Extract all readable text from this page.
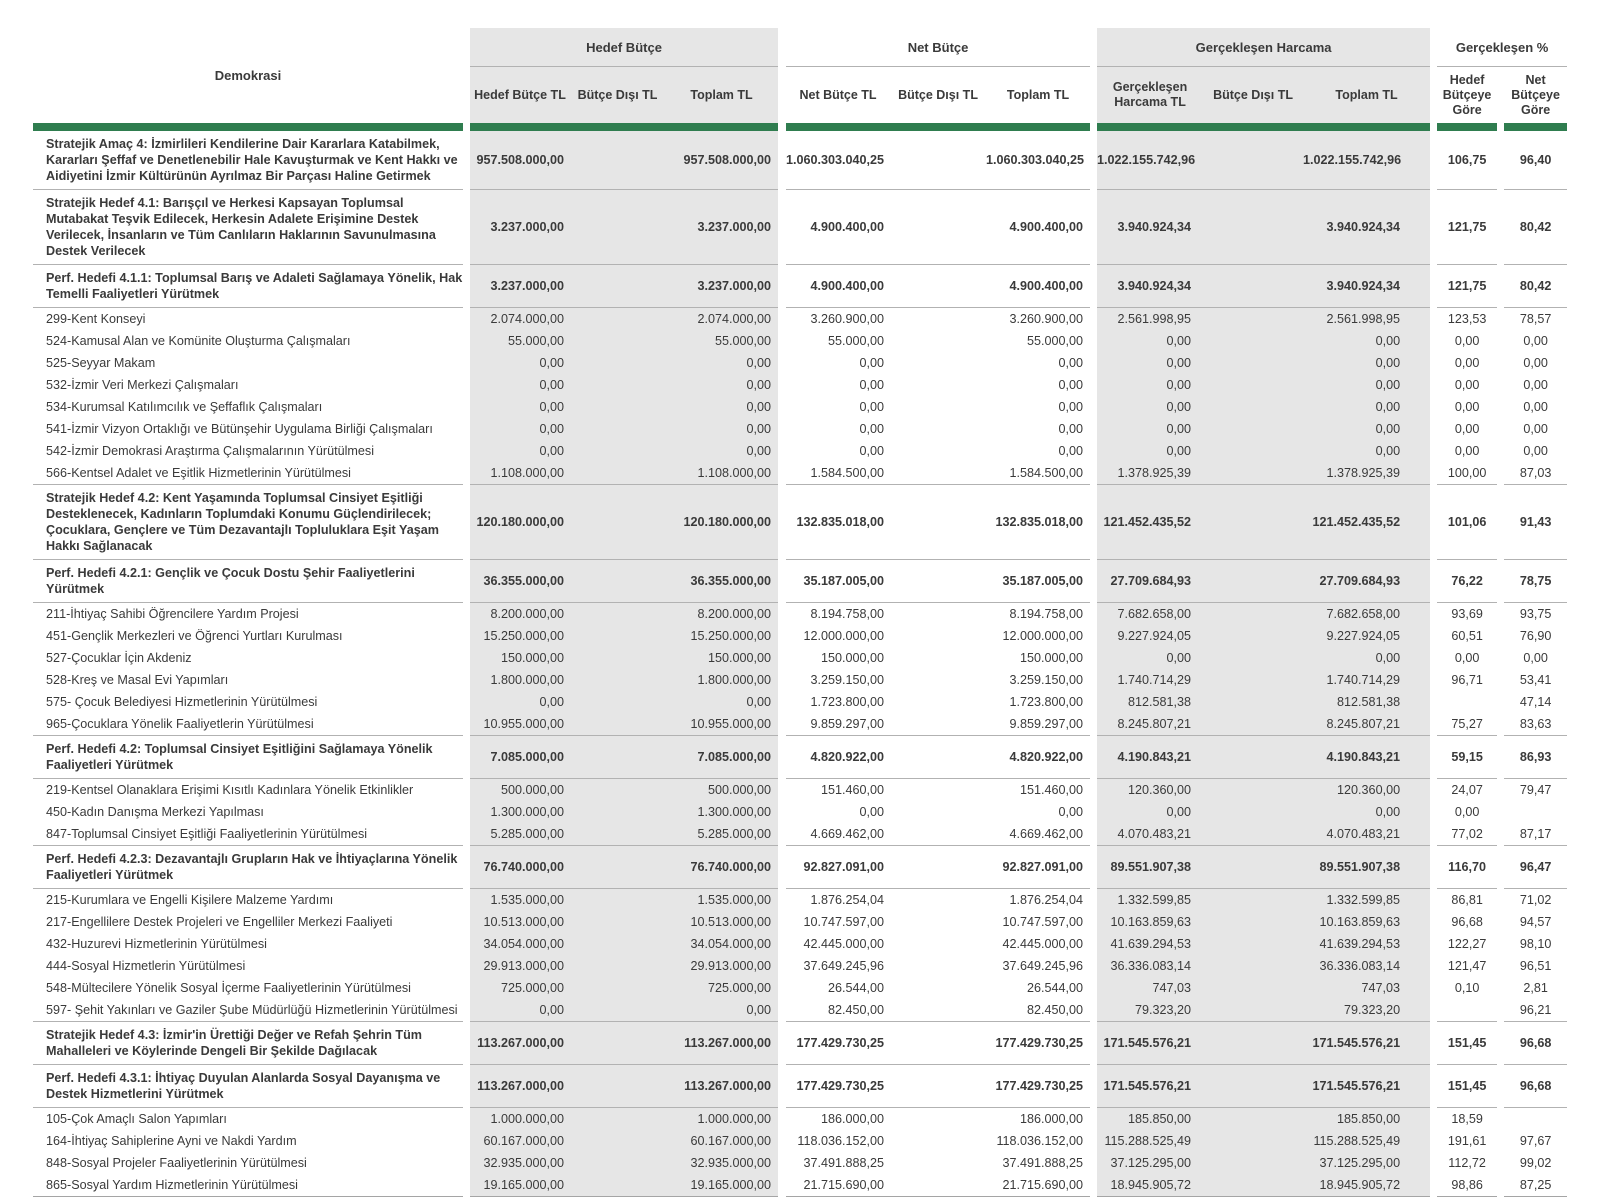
Demokrasi		Hedef Bütçe				Net Bütçe				Gerçekleşen Harcama				Gerçekleşen %		
		Hedef Bütçe TL	Bütçe Dışı TL	Toplam TL		Net Bütçe TL	Bütçe Dışı TL	Toplam TL		Gerçekleşen Harcama TL	Bütçe Dışı TL	Toplam TL		Hedef Bütçeye Göre		Net Bütçeye Göre

Stratejik Amaç 4: İzmirlileri Kendilerine Dair Kararlara Katabilmek, Kararları Şeffaf ve Denetlenebilir Hale Kavuşturmak ve Kent Hakkı ve Aidiyetini İzmir Kültürünün Ayrılmaz Bir Parçası Haline Getirmek		957.508.000,00		957.508.000,00		1.060.303.040,25		1.060.303.040,25		1.022.155.742,96		1.022.155.742,96		106,75		96,40
Stratejik Hedef 4.1: Barışçıl ve Herkesi Kapsayan Toplumsal Mutabakat Teşvik Edilecek, Herkesin Adalete Erişimine Destek Verilecek, İnsanların ve Tüm Canlıların Haklarının Savunulmasına Destek Verilecek		3.237.000,00		3.237.000,00		4.900.400,00		4.900.400,00		3.940.924,34		3.940.924,34		121,75		80,42
Perf. Hedefi 4.1.1: Toplumsal Barış ve Adaleti Sağlamaya Yönelik, Hak Temelli Faaliyetleri Yürütmek		3.237.000,00		3.237.000,00		4.900.400,00		4.900.400,00		3.940.924,34		3.940.924,34		121,75		80,42
299-Kent Konseyi		2.074.000,00		2.074.000,00		3.260.900,00		3.260.900,00		2.561.998,95		2.561.998,95		123,53		78,57
524-Kamusal Alan ve Komünite Oluşturma Çalışmaları		55.000,00		55.000,00		55.000,00		55.000,00		0,00		0,00		0,00		0,00
525-Seyyar Makam		0,00		0,00		0,00		0,00		0,00		0,00		0,00		0,00
532-İzmir Veri Merkezi Çalışmaları		0,00		0,00		0,00		0,00		0,00		0,00		0,00		0,00
534-Kurumsal Katılımcılık ve Şeffaflık Çalışmaları		0,00		0,00		0,00		0,00		0,00		0,00		0,00		0,00
541-İzmir Vizyon Ortaklığı ve Bütünşehir Uygulama Birliği Çalışmaları		0,00		0,00		0,00		0,00		0,00		0,00		0,00		0,00
542-İzmir Demokrasi Araştırma Çalışmalarının Yürütülmesi		0,00		0,00		0,00		0,00		0,00		0,00		0,00		0,00
566-Kentsel Adalet ve Eşitlik Hizmetlerinin Yürütülmesi		1.108.000,00		1.108.000,00		1.584.500,00		1.584.500,00		1.378.925,39		1.378.925,39		100,00		87,03
Stratejik Hedef 4.2: Kent Yaşamında Toplumsal Cinsiyet Eşitliği Desteklenecek, Kadınların Toplumdaki Konumu Güçlendirilecek; Çocuklara, Gençlere ve Tüm Dezavantajlı Topluluklara Eşit Yaşam Hakkı Sağlanacak		120.180.000,00		120.180.000,00		132.835.018,00		132.835.018,00		121.452.435,52		121.452.435,52		101,06		91,43
Perf. Hedefi 4.2.1: Gençlik ve Çocuk Dostu Şehir Faaliyetlerini Yürütmek		36.355.000,00		36.355.000,00		35.187.005,00		35.187.005,00		27.709.684,93		27.709.684,93		76,22		78,75
211-İhtiyaç Sahibi Öğrencilere Yardım Projesi		8.200.000,00		8.200.000,00		8.194.758,00		8.194.758,00		7.682.658,00		7.682.658,00		93,69		93,75
451-Gençlik Merkezleri ve Öğrenci Yurtları Kurulması		15.250.000,00		15.250.000,00		12.000.000,00		12.000.000,00		9.227.924,05		9.227.924,05		60,51		76,90
527-Çocuklar İçin Akdeniz		150.000,00		150.000,00		150.000,00		150.000,00		0,00		0,00		0,00		0,00
528-Kreş ve Masal Evi Yapımları		1.800.000,00		1.800.000,00		3.259.150,00		3.259.150,00		1.740.714,29		1.740.714,29		96,71		53,41
575- Çocuk Belediyesi Hizmetlerinin Yürütülmesi		0,00		0,00		1.723.800,00		1.723.800,00		812.581,38		812.581,38				47,14
965-Çocuklara Yönelik Faaliyetlerin Yürütülmesi		10.955.000,00		10.955.000,00		9.859.297,00		9.859.297,00		8.245.807,21		8.245.807,21		75,27		83,63
Perf. Hedefi 4.2: Toplumsal Cinsiyet Eşitliğini Sağlamaya Yönelik Faaliyetleri Yürütmek		7.085.000,00		7.085.000,00		4.820.922,00		4.820.922,00		4.190.843,21		4.190.843,21		59,15		86,93
219-Kentsel Olanaklara Erişimi Kısıtlı Kadınlara Yönelik Etkinlikler		500.000,00		500.000,00		151.460,00		151.460,00		120.360,00		120.360,00		24,07		79,47
450-Kadın Danışma Merkezi Yapılması		1.300.000,00		1.300.000,00		0,00		0,00		0,00		0,00		0,00		
847-Toplumsal Cinsiyet Eşitliği Faaliyetlerinin Yürütülmesi		5.285.000,00		5.285.000,00		4.669.462,00		4.669.462,00		4.070.483,21		4.070.483,21		77,02		87,17
Perf. Hedefi 4.2.3: Dezavantajlı Grupların Hak ve İhtiyaçlarına Yönelik Faaliyetleri Yürütmek		76.740.000,00		76.740.000,00		92.827.091,00		92.827.091,00		89.551.907,38		89.551.907,38		116,70		96,47
215-Kurumlara ve Engelli Kişilere Malzeme Yardımı		1.535.000,00		1.535.000,00		1.876.254,04		1.876.254,04		1.332.599,85		1.332.599,85		86,81		71,02
217-Engellilere Destek Projeleri ve Engelliler Merkezi Faaliyeti		10.513.000,00		10.513.000,00		10.747.597,00		10.747.597,00		10.163.859,63		10.163.859,63		96,68		94,57
432-Huzurevi Hizmetlerinin Yürütülmesi		34.054.000,00		34.054.000,00		42.445.000,00		42.445.000,00		41.639.294,53		41.639.294,53		122,27		98,10
444-Sosyal Hizmetlerin Yürütülmesi		29.913.000,00		29.913.000,00		37.649.245,96		37.649.245,96		36.336.083,14		36.336.083,14		121,47		96,51
548-Mültecilere Yönelik Sosyal İçerme Faaliyetlerinin Yürütülmesi		725.000,00		725.000,00		26.544,00		26.544,00		747,03		747,03		0,10		2,81
597- Şehit Yakınları ve Gaziler Şube Müdürlüğü Hizmetlerinin Yürütülmesi		0,00		0,00		82.450,00		82.450,00		79.323,20		79.323,20				96,21
Stratejik Hedef 4.3: İzmir'in Ürettiği Değer ve Refah Şehrin Tüm Mahalleleri ve Köylerinde Dengeli Bir Şekilde Dağılacak		113.267.000,00		113.267.000,00		177.429.730,25		177.429.730,25		171.545.576,21		171.545.576,21		151,45		96,68
Perf. Hedefi 4.3.1: İhtiyaç Duyulan Alanlarda Sosyal Dayanışma ve Destek Hizmetlerini Yürütmek		113.267.000,00		113.267.000,00		177.429.730,25		177.429.730,25		171.545.576,21		171.545.576,21		151,45		96,68
105-Çok Amaçlı Salon Yapımları		1.000.000,00		1.000.000,00		186.000,00		186.000,00		185.850,00		185.850,00		18,59		
164-İhtiyaç Sahiplerine Ayni ve Nakdi Yardım		60.167.000,00		60.167.000,00		118.036.152,00		118.036.152,00		115.288.525,49		115.288.525,49		191,61		97,67
848-Sosyal Projeler Faaliyetlerinin Yürütülmesi		32.935.000,00		32.935.000,00		37.491.888,25		37.491.888,25		37.125.295,00		37.125.295,00		112,72		99,02
865-Sosyal Yardım Hizmetlerinin Yürütülmesi		19.165.000,00		19.165.000,00		21.715.690,00		21.715.690,00		18.945.905,72		18.945.905,72		98,86		87,25
